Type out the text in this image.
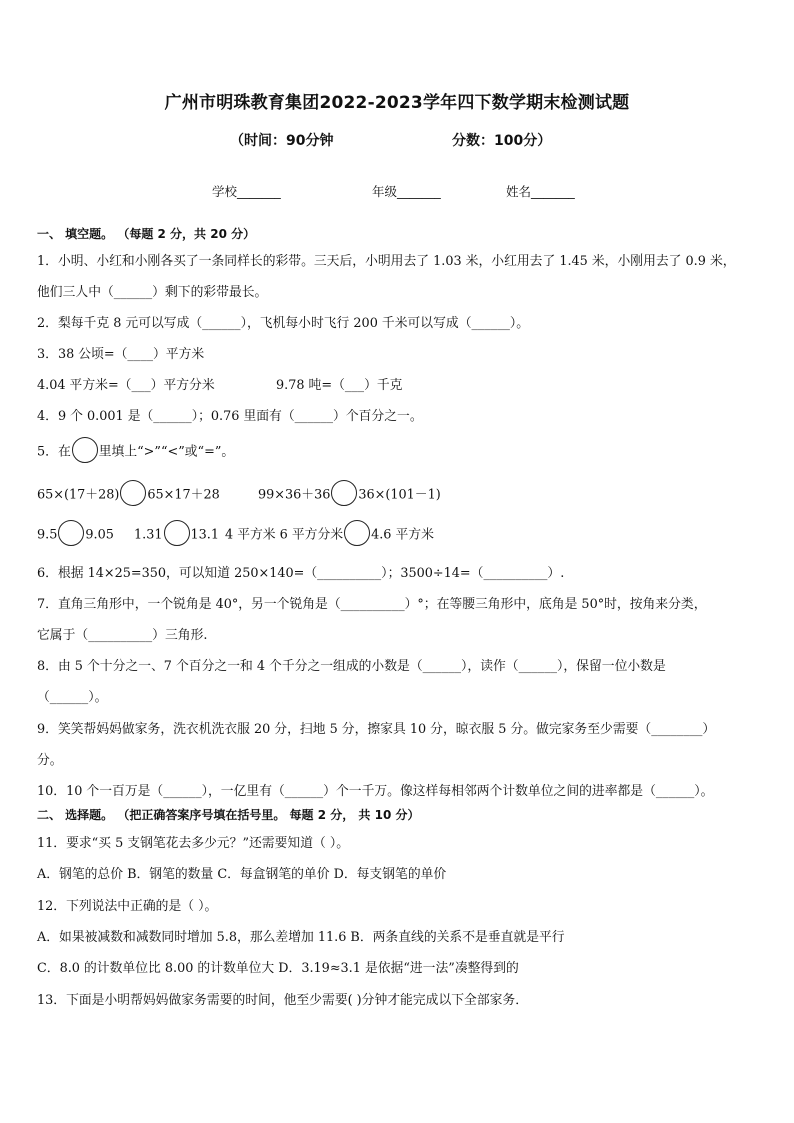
广州市明珠教育集团2022-2023学年四下数学期末检测试题
（时间：90分钟	分数：100分）
学校_______	年级_______	姓名_______
一、 填空题。 （每题 2 分，共 20 分）
1．小明、小红和小刚各买了一条同样长的彩带。三天后，小明用去了 1.03 米，小红用去了 1.45 米，小刚用去了 0.9 米，
他们三人中（______）剩下的彩带最长。
2．梨每千克 8 元可以写成（______），飞机每小时飞行 200 千米可以写成（______）。
3．38 公顷=（____）平方米
4.04 平方米=（___）平方分米	9.78 吨=（___）千克
4．9 个 0.001 是（______）；0.76 里面有（______）个百分之一。
5．在 里填上“>”“<”或“=”。
65×(17＋28) 65×17＋28	99×36＋36 36×(101－1)
9.5 9.05 1.31 13.1 4 平方米 6 平方分米 4.6 平方米
6．根据 14×25=350，可以知道 250×140=（__________）；3500÷14=（__________）.
7．直角三角形中，一个锐角是 40°，另一个锐角是（__________）°；在等腰三角形中，底角是 50°时，按角来分类，
它属于（__________）三角形.
8．由 5 个十分之一、7 个百分之一和 4 个千分之一组成的小数是（______），读作（______），保留一位小数是
（______）。
9．笑笑帮妈妈做家务，洗衣机洗衣服 20 分，扫地 5 分，擦家具 10 分，晾衣服 5 分。做完家务至少需要（________）
分。
10．10 个一百万是（______），一亿里有（______）个一千万。像这样每相邻两个计数单位之间的进率都是（______）。
二、 选择题。 （把正确答案序号填在括号里。 每题 2 分， 共 10 分）
11．要求“买 5 支钢笔花去多少元？”还需要知道（ ）。
A．钢笔的总价 B．钢笔的数量 C．每盒钢笔的单价 D．每支钢笔的单价
12．下列说法中正确的是（ ）。
A．如果被减数和减数同时增加 5.8，那么差增加 11.6 B．两条直线的关系不是垂直就是平行
C．8.0 的计数单位比 8.00 的计数单位大 D．3.19≈3.1 是依据“进一法”凑整得到的
13．下面是小明帮妈妈做家务需要的时间，他至少需要( )分钟才能完成以下全部家务．
